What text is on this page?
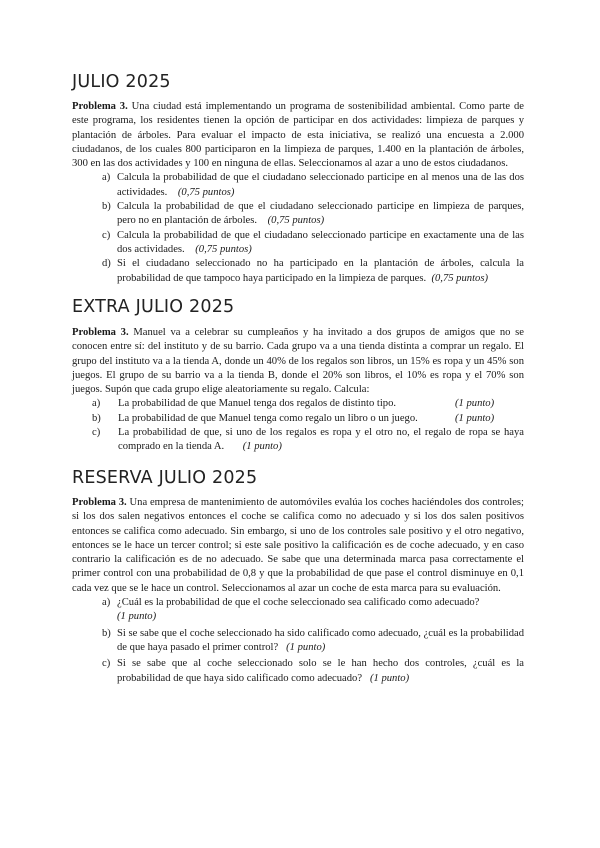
JULIO 2025

Problema 3. Una ciudad está implementando un programa de sostenibilidad ambiental. Como parte de este programa, los residentes tienen la opción de participar en dos actividades: limpieza de parques y plantación de árboles. Para evaluar el impacto de esta iniciativa, se realizó una encuesta a 2.000 ciudadanos, de los cuales 800 participaron en la limpieza de parques, 1.400 en la plantación de árboles, 300 en las dos actividades y 100 en ninguna de ellas. Seleccionamos al azar a uno de estos ciudadanos.

a) Calcula la probabilidad de que el ciudadano seleccionado participe en al menos una de las dos actividades. (0,75 puntos)
b) Calcula la probabilidad de que el ciudadano seleccionado participe en limpieza de parques, pero no en plantación de árboles. (0,75 puntos)
c) Calcula la probabilidad de que el ciudadano seleccionado participe en exactamente una de las dos actividades. (0,75 puntos)
d) Si el ciudadano seleccionado no ha participado en la plantación de árboles, calcula la probabilidad de que tampoco haya participado en la limpieza de parques. (0,75 puntos)
EXTRA JULIO 2025

Problema 3. Manuel va a celebrar su cumpleaños y ha invitado a dos grupos de amigos que no se conocen entre sí: del instituto y de su barrio. Cada grupo va a una tienda distinta a comprar un regalo. El grupo del instituto va a la tienda A, donde un 40% de los regalos son libros, un 15% es ropa y un 45% son juegos. El grupo de su barrio va a la tienda B, donde el 20% son libros, el 10% es ropa y el 70% son juegos. Supón que cada grupo elige aleatoriamente su regalo. Calcula:

a) La probabilidad de que Manuel tenga dos regalos de distinto tipo.	(1 punto)
b) La probabilidad de que Manuel tenga como regalo un libro o un juego.	(1 punto)
c) La probabilidad de que, si uno de los regalos es ropa y el otro no, el regalo de ropa se haya comprado en la tienda A. (1 punto)
RESERVA JULIO 2025

Problema 3. Una empresa de mantenimiento de automóviles evalúa los coches haciéndoles dos controles; si los dos salen negativos entonces el coche se califica como no adecuado y si los dos salen positivos entonces se califica como adecuado. Sin embargo, si uno de los controles sale positivo y el otro negativo, entonces se le hace un tercer control; si este sale positivo la calificación es de coche adecuado, y en caso contrario la calificación es de no adecuado. Se sabe que una determinada marca pasa correctamente el primer control con una probabilidad de 0,8 y que la probabilidad de que pase el control disminuye en 0,1 cada vez que se le hace un control. Seleccionamos al azar un coche de esta marca para su evaluación.

a) ¿Cuál es la probabilidad de que el coche seleccionado sea calificado como adecuado?
(1 punto)
b) Si se sabe que el coche seleccionado ha sido calificado como adecuado, ¿cuál es la probabilidad de que haya pasado el primer control? (1 punto)
c) Si se sabe que al coche seleccionado solo se le han hecho dos controles, ¿cuál es la probabilidad de que haya sido calificado como adecuado? (1 punto)
